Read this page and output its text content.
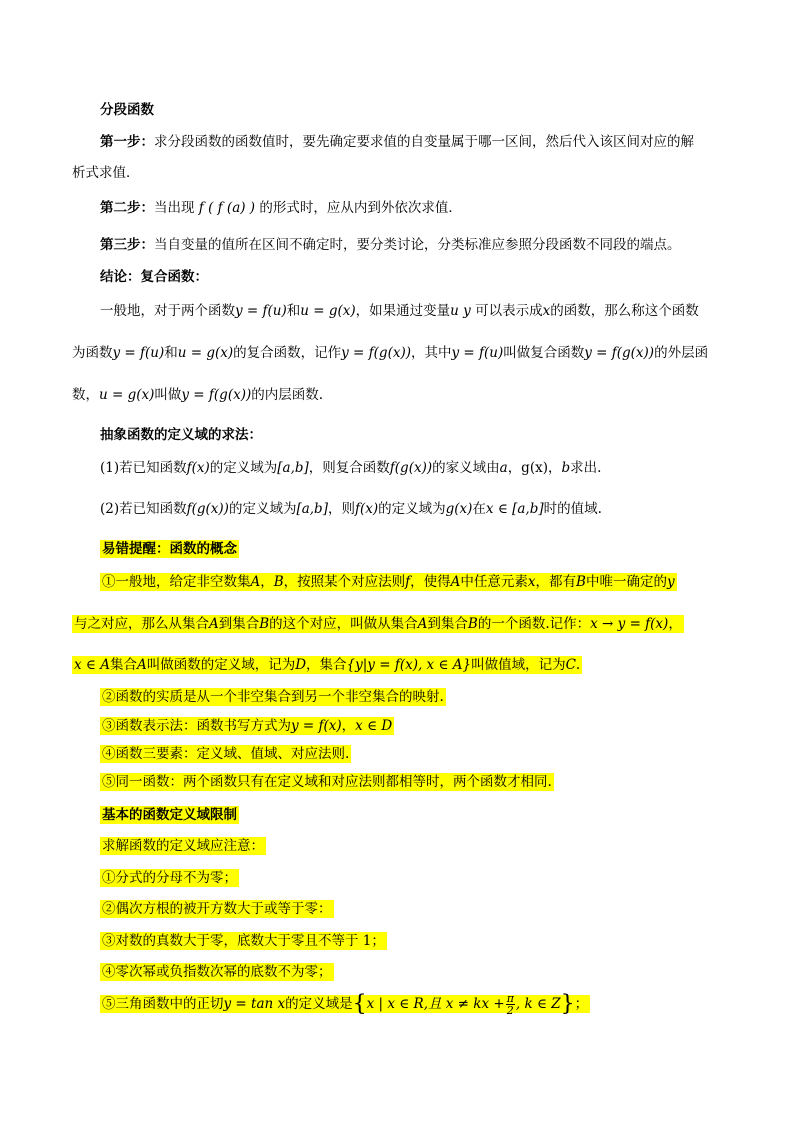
分段函数
第一步：求分段函数的函数值时，要先确定要求值的自变量属于哪一区间，然后代入该区间对应的解
析式求值．
第二步：当出现 f ( f (a) ) 的形式时，应从内到外依次求值．
第三步：当自变量的值所在区间不确定时，要分类讨论，分类标准应参照分段函数不同段的端点。
结论：复合函数：
一般地，对于两个函数y = f(u)和u = g(x)，如果通过变量u y 可以表示成x的函数，那么称这个函数
为函数y = f(u)和u = g(x)的复合函数，记作y = f(g(x))，其中y = f(u)叫做复合函数y = f(g(x))的外层函
数，u = g(x)叫做y = f(g(x))的内层函数.
抽象函数的定义域的求法：
(1)若已知函数f(x)的定义域为[a,b]，则复合函数f(g(x))的家义域由a，g(x)，b求出.
(2)若已知函数f(g(x))的定义域为[a,b]，则f(x)的定义域为g(x)在x ∈ [a,b]时的值域.
易错提醒：函数的概念
①一般地，给定非空数集A，B，按照某个对应法则f，使得A中任意元素x，都有B中唯一确定的y
与之对应，那么从集合A到集合B的这个对应，叫做从集合A到集合B的一个函数.记作：x → y = f(x)，
x ∈ A集合A叫做函数的定义域，记为D，集合{y|y = f(x), x ∈ A}叫做值域，记为C.
②函数的实质是从一个非空集合到另一个非空集合的映射.
③函数表示法：函数书写方式为y = f(x)，x ∈ D
④函数三要素：定义域、值域、对应法则.
⑤同一函数：两个函数只有在定义域和对应法则都相等时，两个函数才相同.
基本的函数定义域限制
求解函数的定义域应注意：
①分式的分母不为零；
②偶次方根的被开方数大于或等于零：
③对数的真数大于零，底数大于零且不等于 1；
④零次幂或负指数次幂的底数不为零；
⑤三角函数中的正切y = tan x的定义域是{x | x ∈ R,且 x ≠ kx + $\frac{\pi}{2}$ , k ∈ Z}；
